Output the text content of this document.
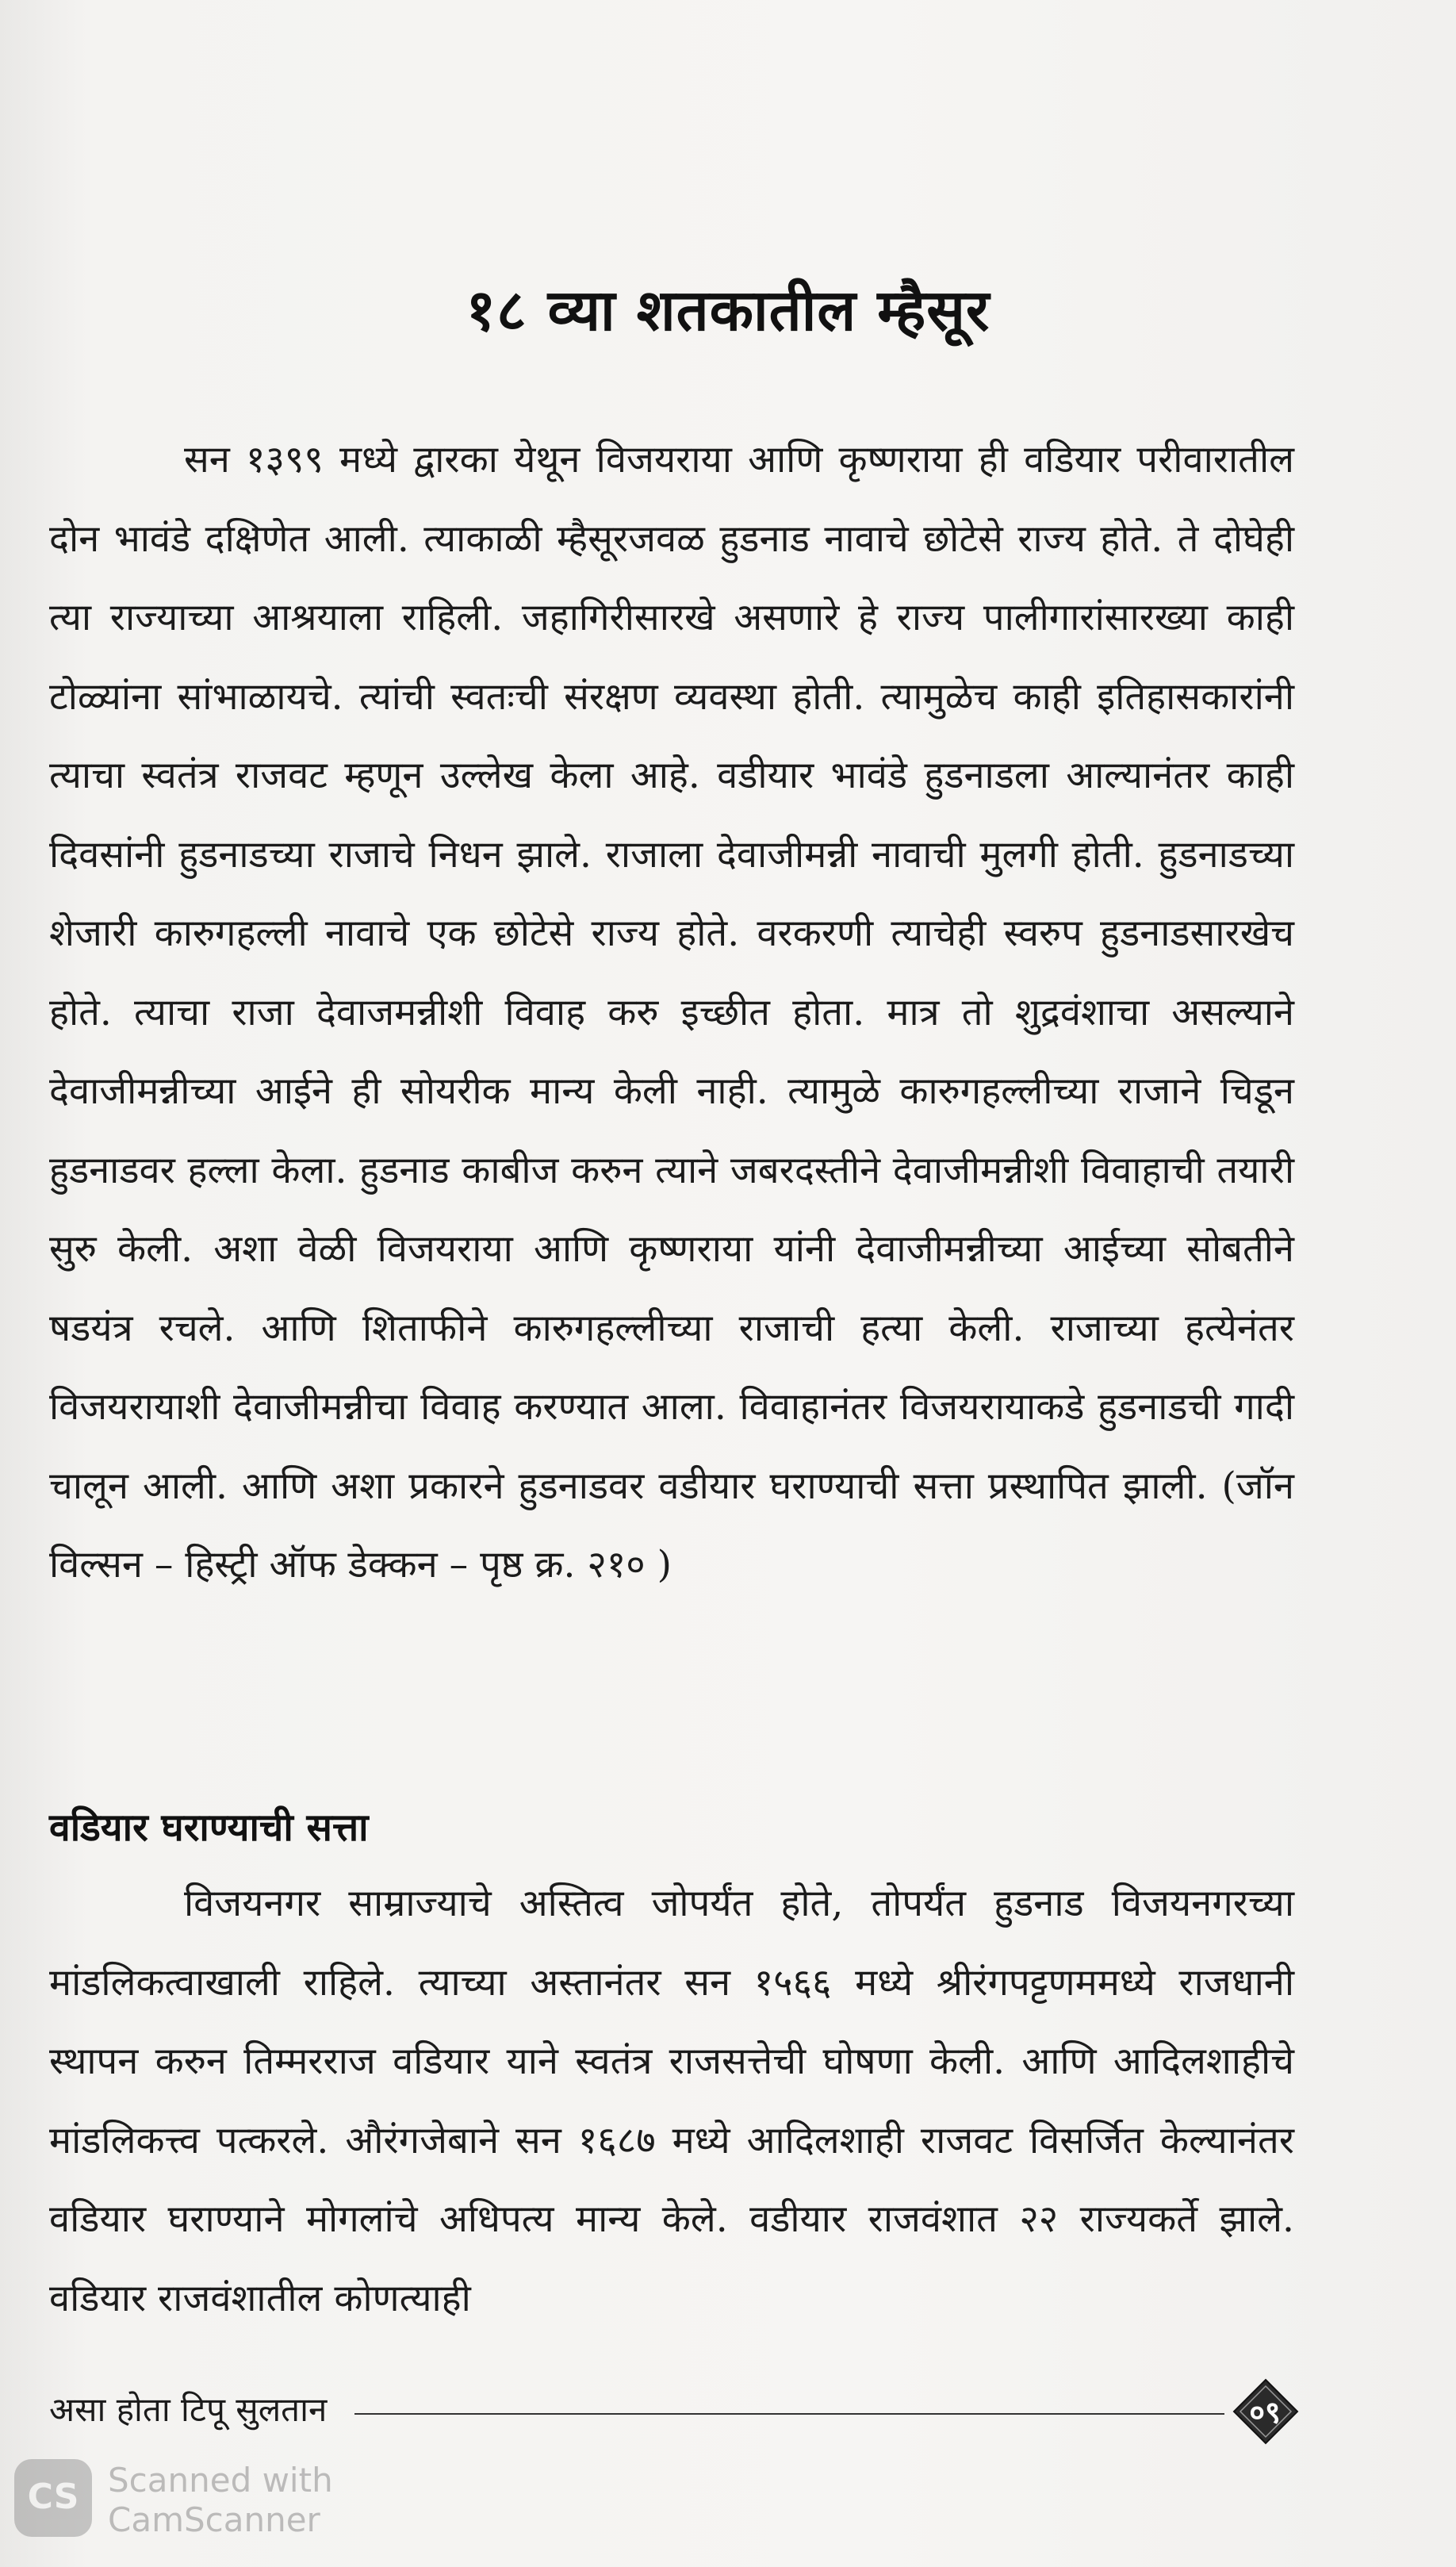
१८ व्या शतकातील म्हैसूर

सन १३९९ मध्ये द्वारका येथून विजयराया आणि कृष्णराया ही वडियार परीवारातील दोन भावंडे दक्षिणेत आली. त्याकाळी म्हैसूरजवळ हुडनाड नावाचे छोटेसे राज्य होते. ते दोघेही त्या राज्याच्या आश्रयाला राहिली. जहागिरीसारखे असणारे हे राज्य पालीगारांसारख्या काही टोळ्यांना सांभाळायचे. त्यांची स्वतःची संरक्षण व्यवस्था होती. त्यामुळेच काही इतिहासकारांनी त्याचा स्वतंत्र राजवट म्हणून उल्लेख केला आहे. वडीयार भावंडे हुडनाडला आल्यानंतर काही दिवसांनी हुडनाडच्या राजाचे निधन झाले. राजाला देवाजीमन्नी नावाची मुलगी होती. हुडनाडच्या शेजारी कारुगहल्ली नावाचे एक छोटेसे राज्य होते. वरकरणी त्याचेही स्वरुप हुडनाडसारखेच होते. त्याचा राजा देवाजमन्नीशी विवाह करु इच्छीत होता. मात्र तो शुद्रवंशाचा असल्याने देवाजीमन्नीच्या आईने ही सोयरीक मान्य केली नाही. त्यामुळे कारुगहल्लीच्या राजाने चिडून हुडनाडवर हल्ला केला. हुडनाड काबीज करुन त्याने जबरदस्तीने देवाजीमन्नीशी विवाहाची तयारी सुरु केली. अशा वेळी विजयराया आणि कृष्णराया यांनी देवाजीमन्नीच्या आईच्या सोबतीने षडयंत्र रचले. आणि शिताफीने कारुगहल्लीच्या राजाची हत्या केली. राजाच्या हत्येनंतर विजयरायाशी देवाजीमन्नीचा विवाह करण्यात आला. विवाहानंतर विजयरायाकडे हुडनाडची गादी चालून आली. आणि अशा प्रकारने हुडनाडवर वडीयार घराण्याची सत्ता प्रस्थापित झाली. (जॉन विल्सन – हिस्ट्री ऑफ डेक्कन – पृष्ठ क्र. २१० )

वडियार घराण्याची सत्ता

विजयनगर साम्राज्याचे अस्तित्व जोपर्यंत होते, तोपर्यंत हुडनाड विजयनगरच्या मांडलिकत्वाखाली राहिले. त्याच्या अस्तानंतर सन १५६६ मध्ये श्रीरंगपट्टणममध्ये राजधानी स्थापन करुन तिम्मरराज वडियार याने स्वतंत्र राजसत्तेची घोषणा केली. आणि आदिलशाहीचे मांडलिकत्त्व पत्करले. औरंगजेबाने सन १६८७ मध्ये आदिलशाही राजवट विसर्जित केल्यानंतर वडियार घराण्याने मोगलांचे अधिपत्य मान्य केले. वडीयार राजवंशात २२ राज्यकर्ते झाले. वडियार राजवंशातील कोणत्याही

असा होता टिपू सुलतान	०९
CS Scanned with
CamScanner
